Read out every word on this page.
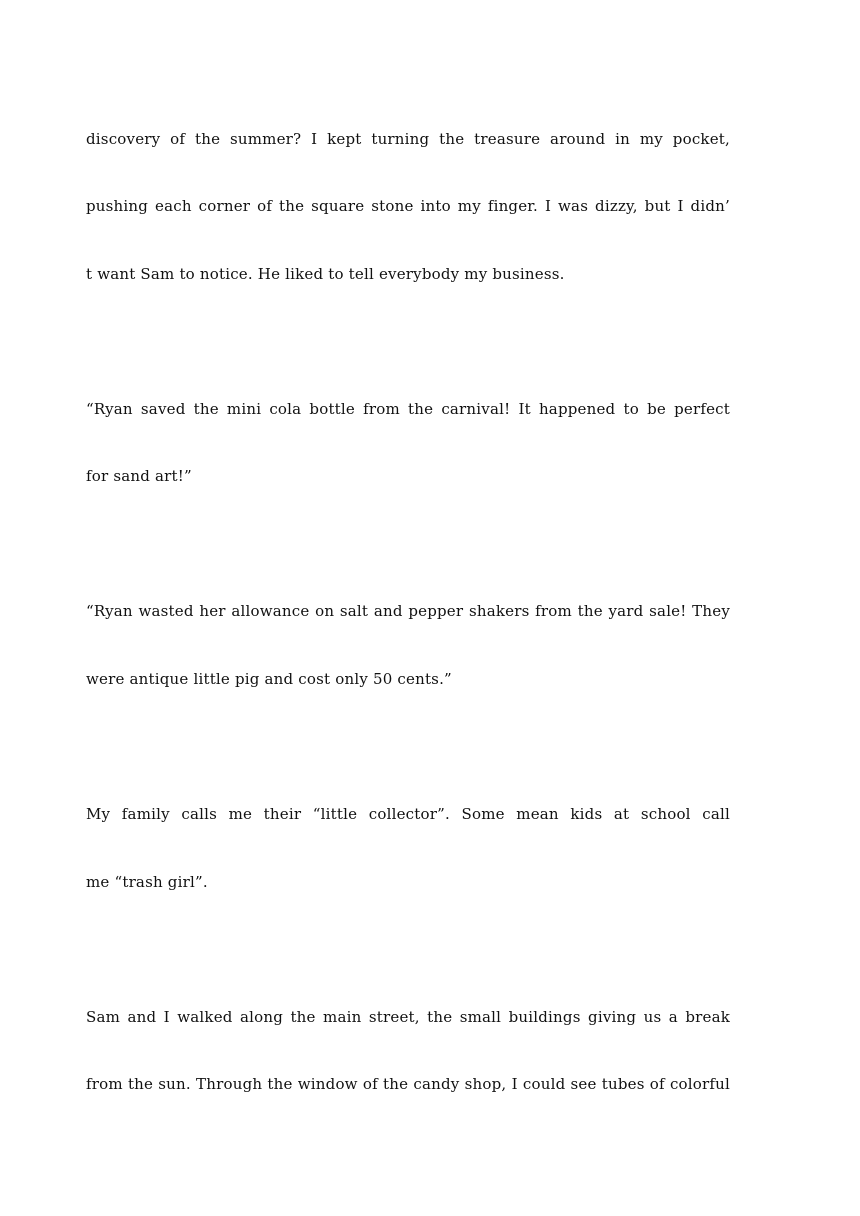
discovery of the summer? I kept turning the treasure around in my pocket,
pushing each corner of the square stone into my finger. I was dizzy, but I didn’
t want Sam to notice. He liked to tell everybody my business.
“Ryan saved the mini cola bottle from the carnival! It happened to be perfect
for sand art!”
“Ryan wasted her allowance on salt and pepper shakers from the yard sale! They
were antique little pig and cost only 50 cents.”
My family calls me their “little collector”. Some mean kids at school call
me “trash girl”.
Sam and I walked along the main street, the small buildings giving us a break
from the sun. Through the window of the candy shop, I could see tubes of colorful
